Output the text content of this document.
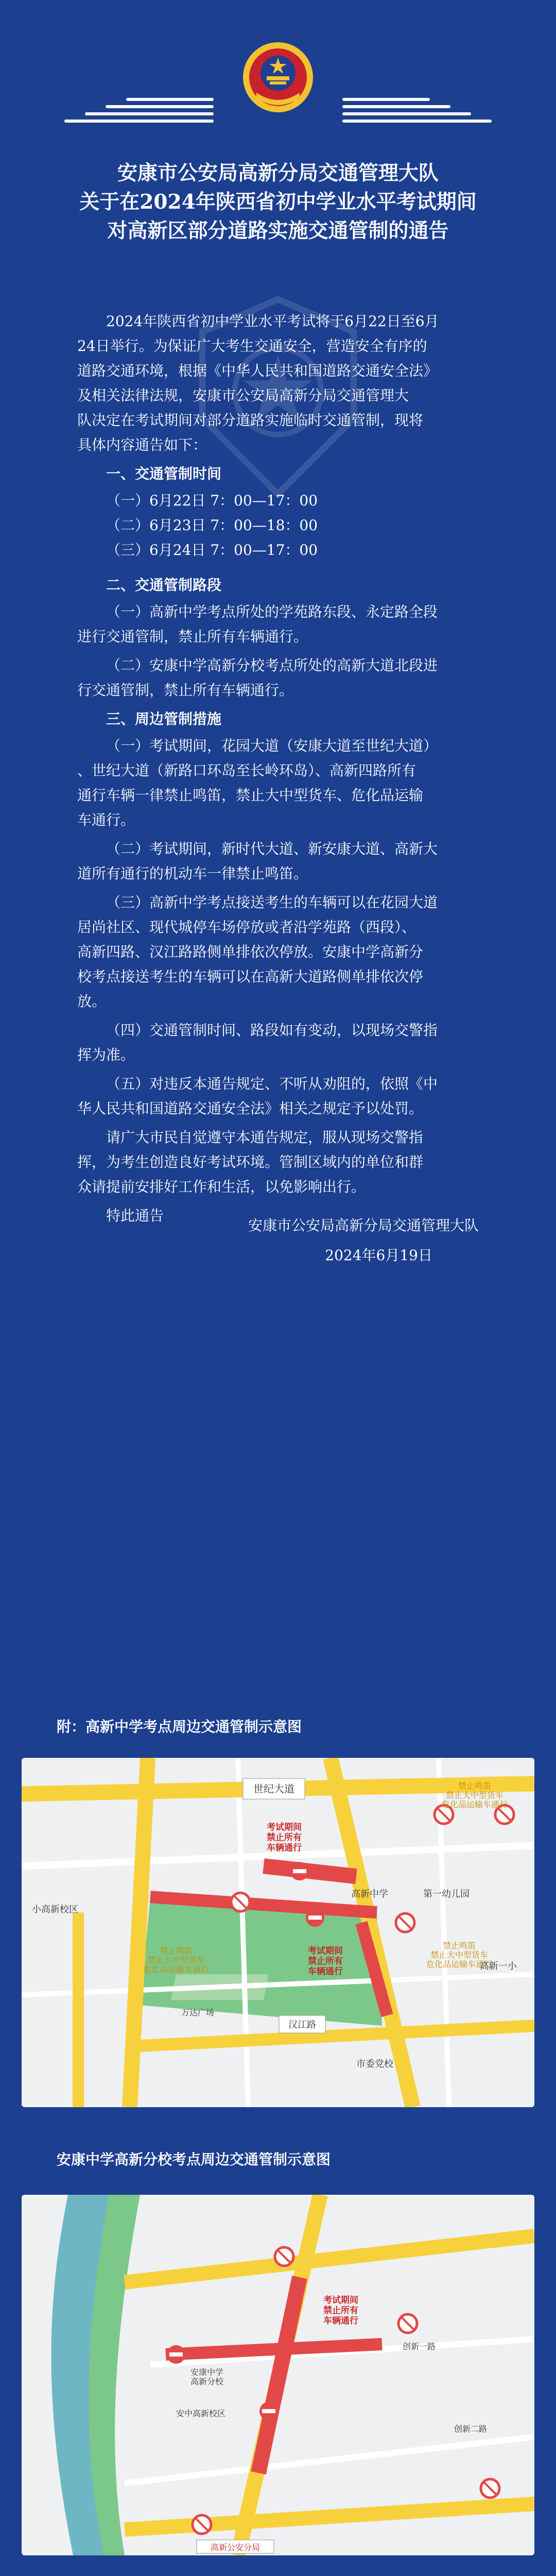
安康市公安局高新分局交通管理大队
关于在2024年陕西省初中学业水平考试期间
对高新区部分道路实施交通管制的通告
2024年陕西省初中学业水平考试将于6月22日至6月
24日举行。为保证广大考生交通安全，营造安全有序的
道路交通环境，根据《中华人民共和国道路交通安全法》
及相关法律法规，安康市公安局高新分局交通管理大
队决定在考试期间对部分道路实施临时交通管制，现将
具体内容通告如下：
一、交通管制时间
（一）6月22日 7：00—17：00
（二）6月23日 7：00—18：00
（三）6月24日 7：00—17：00
二、交通管制路段
（一）高新中学考点所处的学苑路东段、永定路全段
进行交通管制，禁止所有车辆通行。
（二）安康中学高新分校考点所处的高新大道北段进
行交通管制，禁止所有车辆通行。
三、周边管制措施
（一）考试期间，花园大道（安康大道至世纪大道）
、世纪大道（新路口环岛至长岭环岛）、高新四路所有
通行车辆一律禁止鸣笛，禁止大中型货车、危化品运输
车通行。
（二）考试期间，新时代大道、新安康大道、高新大
道所有通行的机动车一律禁止鸣笛。
（三）高新中学考点接送考生的车辆可以在花园大道
居尚社区、现代城停车场停放或者沿学苑路（西段）、
高新四路、汉江路路侧单排依次停放。安康中学高新分
校考点接送考生的车辆可以在高新大道路侧单排依次停
放。
（四）交通管制时间、路段如有变动，以现场交警指
挥为准。
（五）对违反本通告规定、不听从劝阻的，依照《中
华人民共和国道路交通安全法》相关之规定予以处罚。
请广大市民自觉遵守本通告规定，服从现场交警指
挥，为考生创造良好考试环境。管制区域内的单位和群
众请提前安排好工作和生活，以免影响出行。
特此通告
安康市公安局高新分局交通管理大队
2024年6月19日
附：高新中学考点周边交通管制示意图
世纪大道
考试期间禁止所有车辆通行
考试期间禁止所有车辆通行
禁止鸣笛禁止大中型货车危化品运输车通行
禁止鸣笛禁止大中型货车危化品运输车通行
禁止鸣笛禁止大中型货车危化品运输车通行
高新中学	第一幼儿园
小高新校区
万达广场
汉江路
市委党校
高新一小
安康中学高新分校考点周边交通管制示意图
考试期间禁止所有车辆通行
安康中学高新分校
安中高新校区
创新二路
创新一路
高新公安分局
